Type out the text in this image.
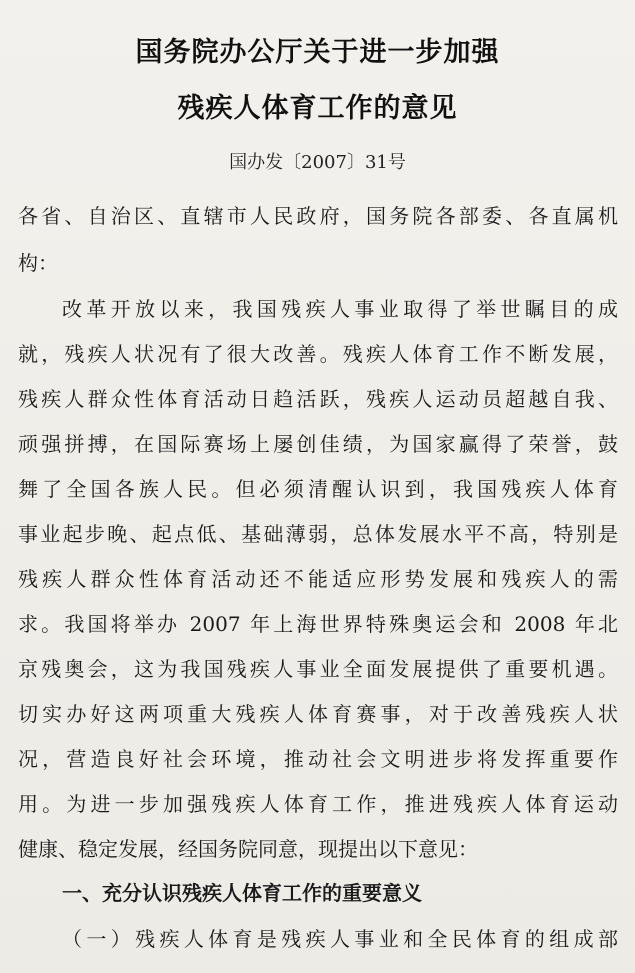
国务院办公厅关于进一步加强
残疾人体育工作的意见
国办发〔2007〕31号
各省、自治区、直辖市人民政府，国务院各部委、各直属机
构：
改革开放以来，我国残疾人事业取得了举世瞩目的成
就，残疾人状况有了很大改善。残疾人体育工作不断发展，
残疾人群众性体育活动日趋活跃，残疾人运动员超越自我、
顽强拼搏，在国际赛场上屡创佳绩，为国家赢得了荣誉，鼓
舞了全国各族人民。但必须清醒认识到，我国残疾人体育
事业起步晚、起点低、基础薄弱，总体发展水平不高，特别是
残疾人群众性体育活动还不能适应形势发展和残疾人的需
求。我国将举办 2007 年上海世界特殊奥运会和 2008 年北
京残奥会，这为我国残疾人事业全面发展提供了重要机遇。
切实办好这两项重大残疾人体育赛事，对于改善残疾人状
况，营造良好社会环境，推动社会文明进步将发挥重要作
用。为进一步加强残疾人体育工作，推进残疾人体育运动
健康、稳定发展，经国务院同意，现提出以下意见：
一、充分认识残疾人体育工作的重要意义
（一）残疾人体育是残疾人事业和全民体育的组成部
